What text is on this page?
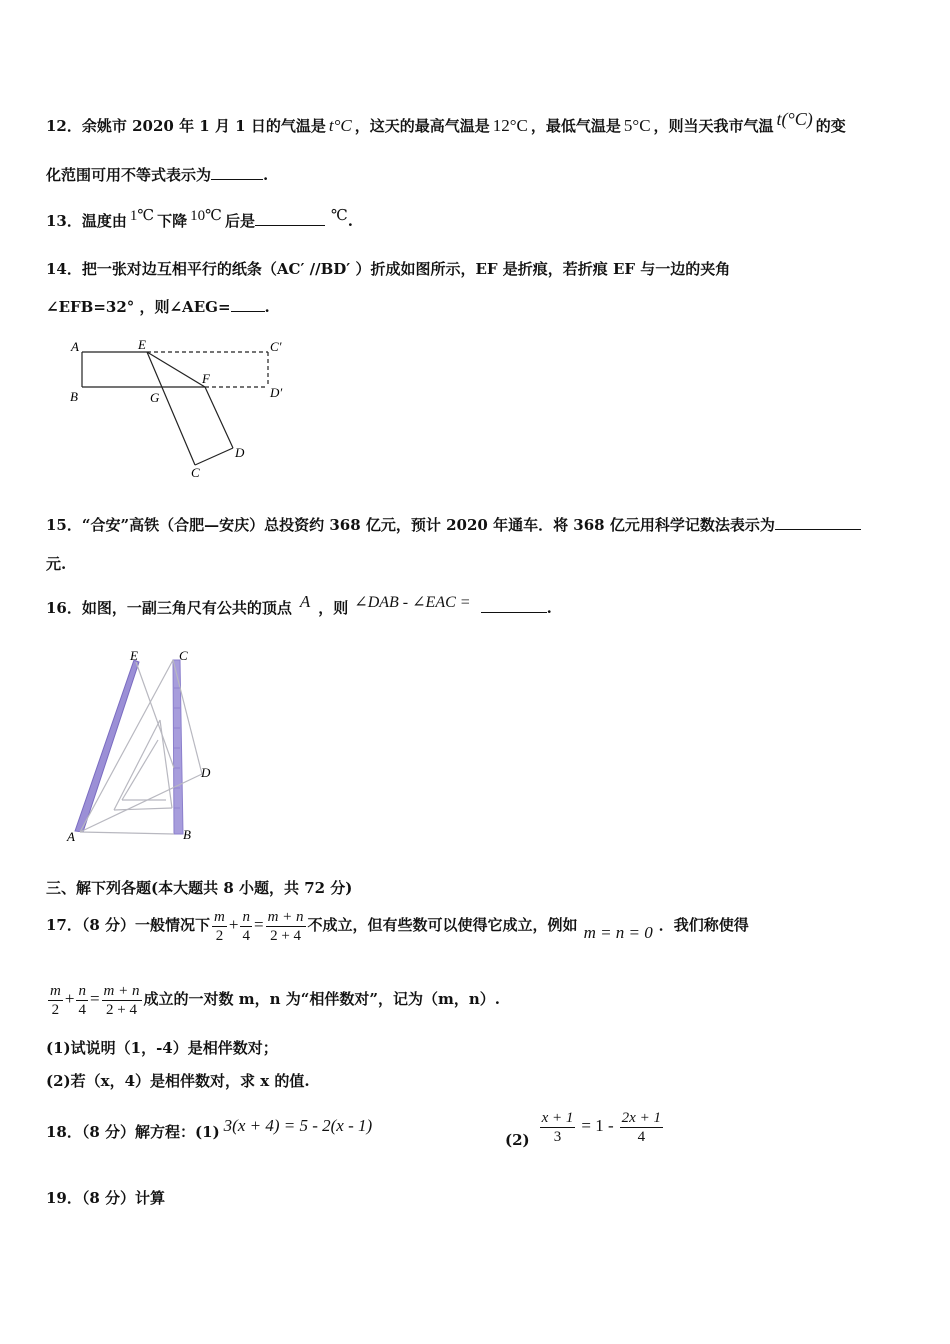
12．余姚市 2020 年 1 月 1 日的气温是 t°C ，这天的最高气温是 12°C ，最低气温是 5°C ，则当天我市气温 t(°C) 的变
化范围可用不等式表示为	.
13．温度由 1℃ 下降 10℃ 后是	℃.
14．把一张对边互相平行的纸条（AC′ //BD′ ）折成如图所示，EF 是折痕，若折痕 EF 与一边的夹角
∠EFB=32° ，则∠AEG= .
A	E	C′
B	G
F
D′
D
C
15．“合安”高铁（合肥—安庆）总投资约 368 亿元，预计 2020 年通车．将 368 亿元用科学记数法表示为
元.
16．如图，一副三角尺有公共的顶点 A ，则 ∠DAB - ∠EAC =	.
E	C
D
A	B
三、解下列各题(本大题共 8 小题，共 72 分)
17．（8 分）一般情况下 $\frac{m}{2} + \frac{n}{4} = \frac{m + n}{2 + 4}$ 不成立，但有些数可以使得它成立，例如 m = n = 0 ．我们称使得
$\frac{m}{2} + \frac{n}{4} = \frac{m + n}{2 + 4}$ 成立的一对数 m，n 为“相伴数对”，记为（m，n）.
(1)试说明（1，-4）是相伴数对；
(2)若（x，4）是相伴数对，求 x 的值.
18．（8 分）解方程：(1) 3(x + 4) = 5 - 2(x - 1)
$(2) \frac{x + 1}{3} = 1 - \frac{2x + 1}{4}$
19．（8 分）计算
